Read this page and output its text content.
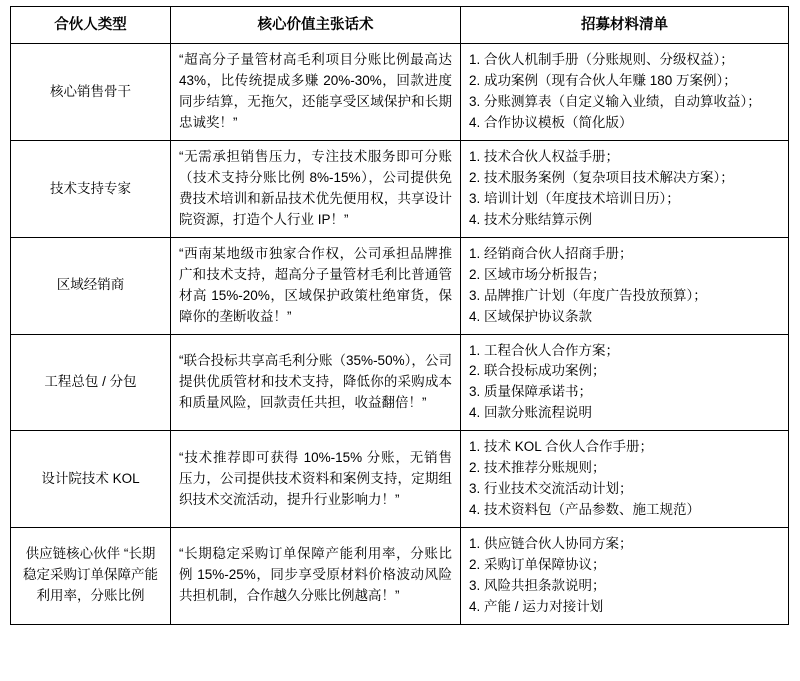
合伙人类型	核心价值主张话术	招募材料清单
核心销售骨干	“超高分子量管材高毛利项目分账比例最高达 43%，比传统提成多赚 20%-30%，回款进度同步结算，无拖欠，还能享受区域保护和长期忠诚奖！”	1. 合伙人机制手册（分账规则、分级权益）；
2. 成功案例（现有合伙人年赚 180 万案例）；
3. 分账测算表（自定义输入业绩，自动算收益）；
4. 合作协议模板（简化版）

技术支持专家	“无需承担销售压力，专注技术服务即可分账（技术支持分账比例 8%-15%），公司提供免费技术培训和新品技术优先便用权，共享设计院资源，打造个人行业 IP！”	1. 技术合伙人权益手册；
2. 技术服务案例（复杂项目技术解决方案）；
3. 培训计划（年度技术培训日历）；
4. 技术分账结算示例

区域经销商	“西南某地级市独家合作权，公司承担品牌推广和技术支持，超高分子量管材毛利比普通管材高 15%-20%，区域保护政策杜绝窜货，保障你的垄断收益！”	1. 经销商合伙人招商手册；
2. 区域市场分析报告；
3. 品牌推广计划（年度广告投放预算）；
4. 区域保护协议条款

工程总包 / 分包	“联合投标共享高毛利分账（35%-50%），公司提供优质管材和技术支持，降低你的采购成本和质量风险，回款责任共担，收益翻倍！”	1. 工程合伙人合作方案；
2. 联合投标成功案例；
3. 质量保障承诺书；
4. 回款分账流程说明

设计院技术 KOL	“技术推荐即可获得 10%-15% 分账，无销售压力，公司提供技术资料和案例支持，定期组织技术交流活动，提升行业影响力！”	1. 技术 KOL 合伙人合作手册；
2. 技术推荐分账规则；
3. 行业技术交流活动计划；
4. 技术资料包（产品参数、施工规范）

供应链核心伙伴 “长期稳定采购订单保障产能利用率，分账比例	“长期稳定采购订单保障产能利用率，分账比例 15%-25%，同步享受原材料价格波动风险共担机制，合作越久分账比例越高！”	1. 供应链合伙人协同方案；
2. 采购订单保障协议；
3. 风险共担条款说明；
4. 产能 / 运力对接计划
